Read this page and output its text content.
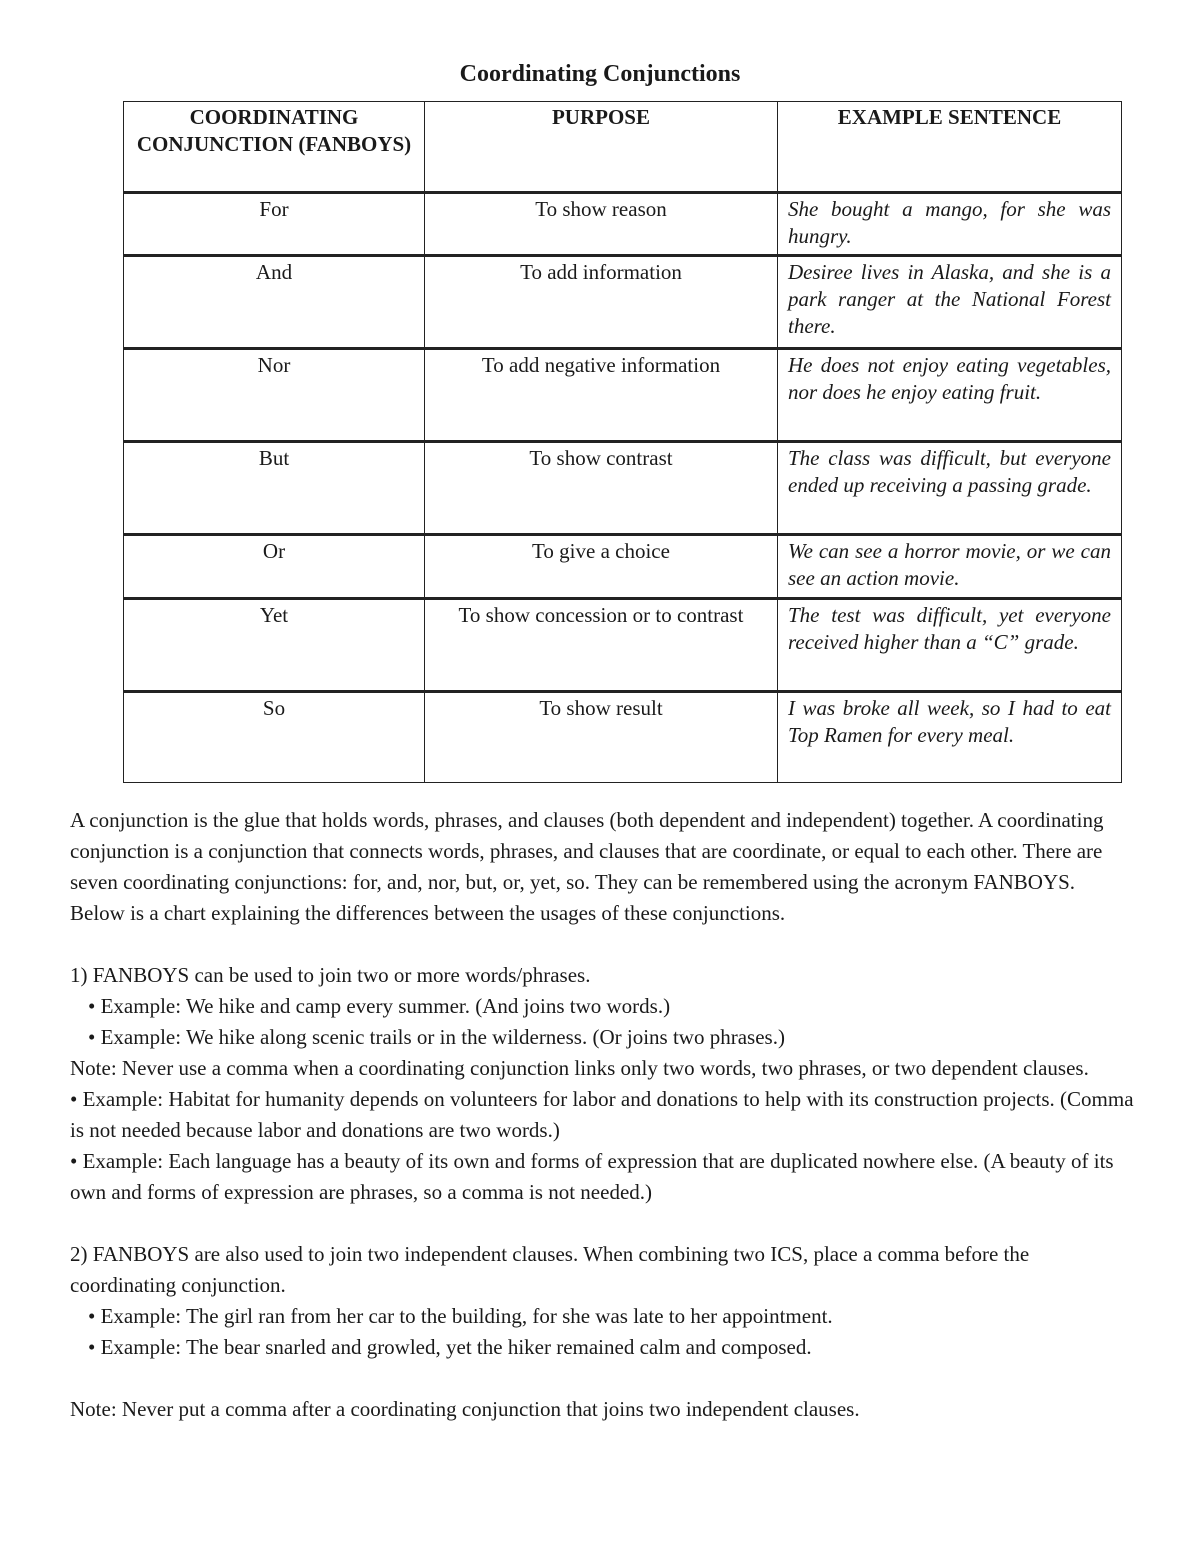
Coordinating Conjunctions
COORDINATING CONJUNCTION (FANBOYS)	PURPOSE	EXAMPLE SENTENCE
For	To show reason	She bought a mango, for she was hungry.
And	To add information	Desiree lives in Alaska, and she is a park ranger at the National Forest there.
Nor	To add negative information	He does not enjoy eating vegetables, nor does he enjoy eating fruit.
But	To show contrast	The class was difficult, but everyone ended up receiving a passing grade.
Or	To give a choice	We can see a horror movie, or we can see an action movie.
Yet	To show concession or to contrast	The test was difficult, yet everyone received higher than a “C” grade.
So	To show result	I was broke all week, so I had to eat Top Ramen for every meal.

A conjunction is the glue that holds words, phrases, and clauses (both dependent and independent) together. A coordinating conjunction is a conjunction that connects words, phrases, and clauses that are coordinate, or equal to each other. There are seven coordinating conjunctions: for, and, nor, but, or, yet, so. They can be remembered using the acronym FANBOYS. Below is a chart explaining the differences between the usages of these conjunctions.

1) FANBOYS can be used to join two or more words/phrases.

• Example: We hike and camp every summer. (And joins two words.)

• Example: We hike along scenic trails or in the wilderness. (Or joins two phrases.)

Note: Never use a comma when a coordinating conjunction links only two words, two phrases, or two dependent clauses.

• Example: Habitat for humanity depends on volunteers for labor and donations to help with its construction projects. (Comma is not needed because labor and donations are two words.)

• Example: Each language has a beauty of its own and forms of expression that are duplicated nowhere else. (A beauty of its own and forms of expression are phrases, so a comma is not needed.)

2) FANBOYS are also used to join two independent clauses. When combining two ICS, place a comma before the coordinating conjunction.

• Example: The girl ran from her car to the building, for she was late to her appointment.

• Example: The bear snarled and growled, yet the hiker remained calm and composed.

Note: Never put a comma after a coordinating conjunction that joins two independent clauses.
